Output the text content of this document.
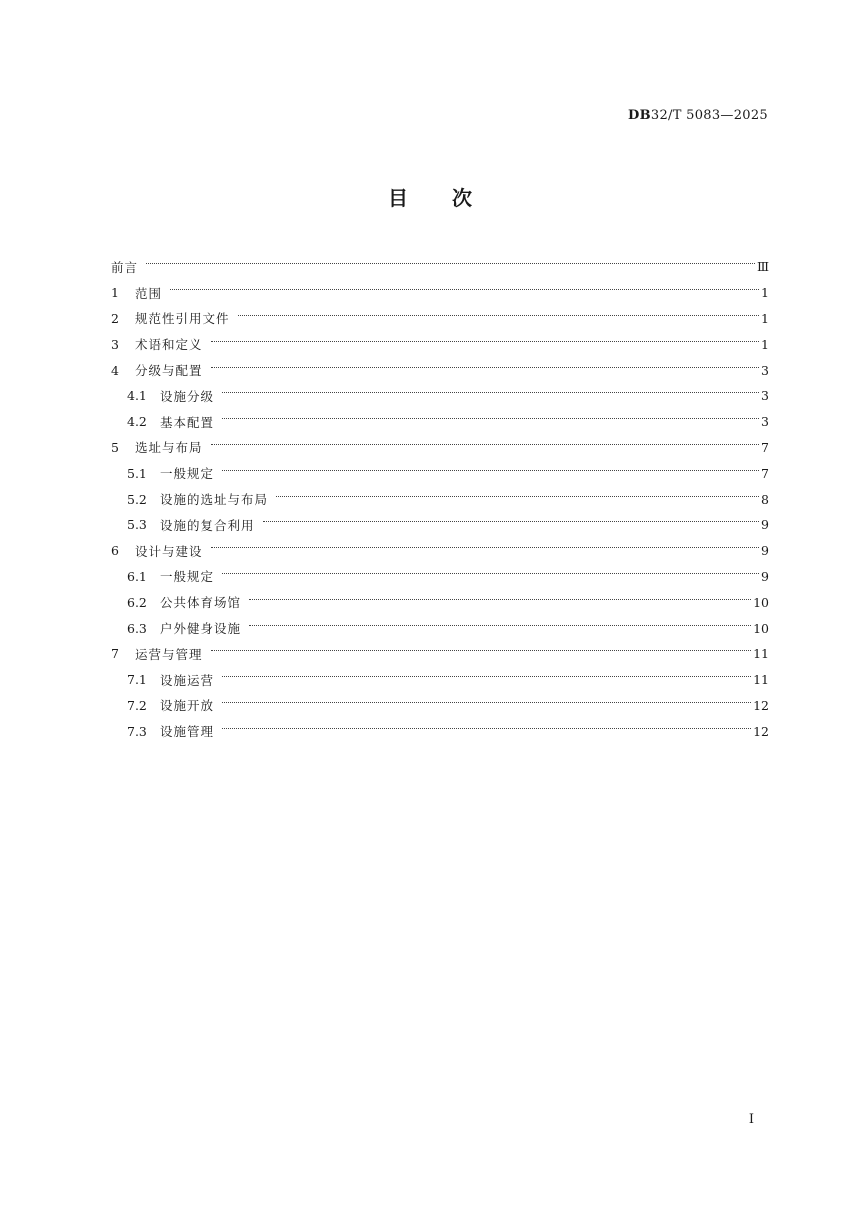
DB32/T 5083—2025
目 次
前言	Ⅲ
1	范围	1
2	规范性引用文件	1
3	术语和定义	1
4	分级与配置	3
4.1	设施分级	3
4.2	基本配置	3
5	选址与布局	7
5.1	一般规定	7
5.2	设施的选址与布局	8
5.3	设施的复合利用	9
6	设计与建设	9
6.1	一般规定	9
6.2	公共体育场馆	10
6.3	户外健身设施	10
7	运营与管理	11
7.1	设施运营	11
7.2	设施开放	12
7.3	设施管理	12
I
